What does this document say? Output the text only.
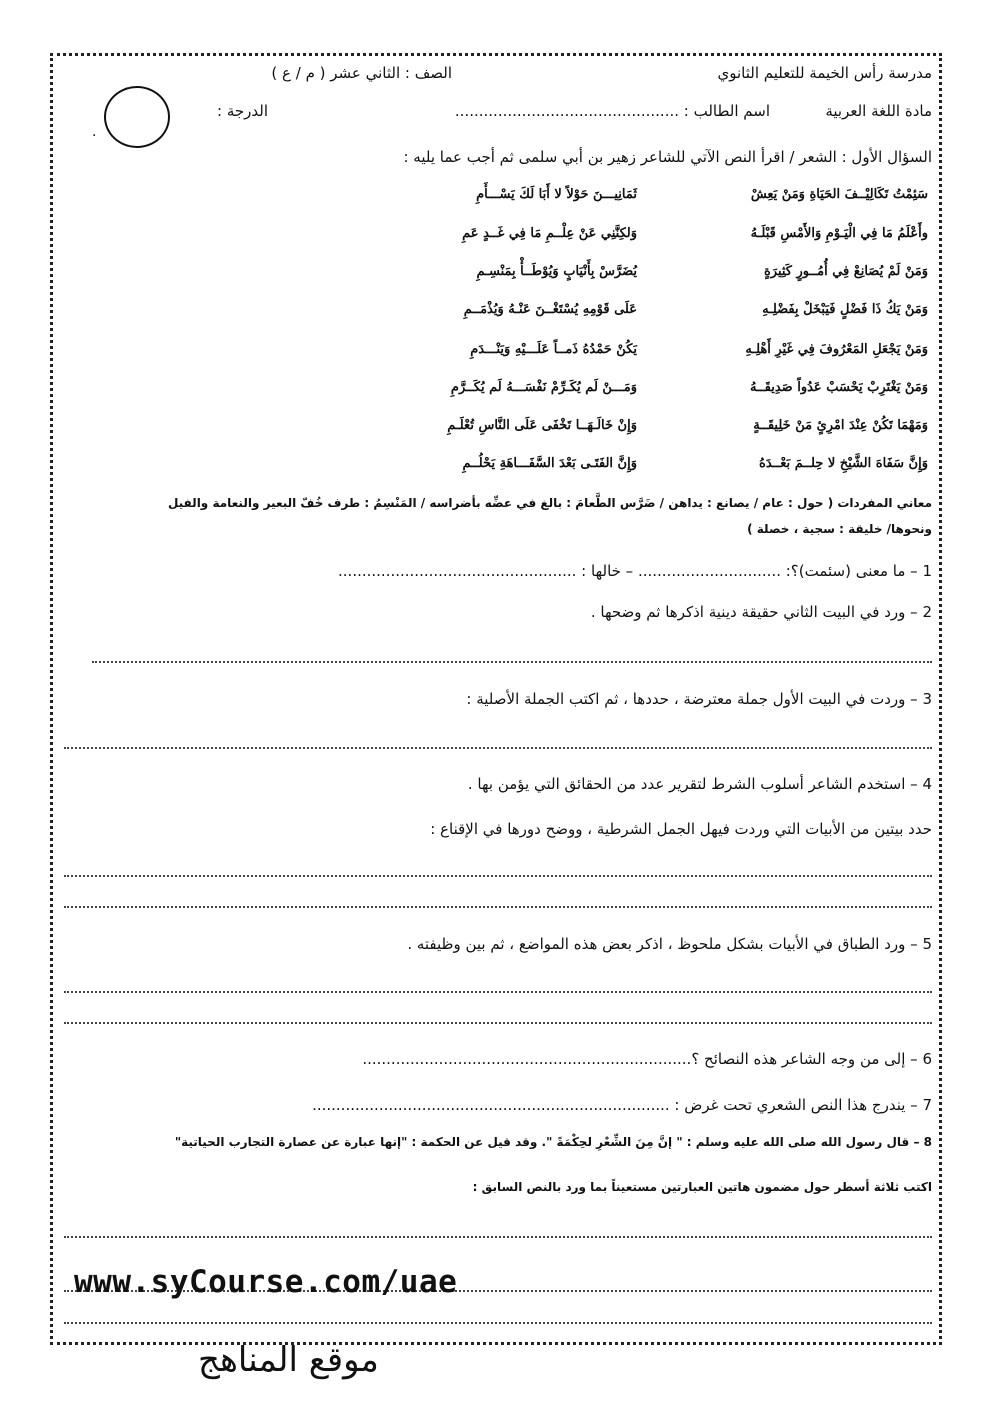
مدرسة رأس الخيمة للتعليم الثانوي
الصف : الثاني عشر ( م / ع )
مادة اللغة العربية
اسم الطالب : ...............................................
الدرجة :
.
السؤال الأول : الشعر / اقرأ النص الآتي للشاعر زهير بن أبي سلمى ثم أجب عما يليه :
سَئِمْتُ تَكَالِيْــفَ الحَيَاةِ وَمَنْ يَعِشْ
ثَمَانِيـــنَ حَوْلاً لا أَبَا لَكَ يَسْـــأَمِ
وأَعْلَمُ مَا فِي الْيَـوْمِ وَالأَمْسِ قَبْلَـهُ
وَلكِنَّنِي عَنْ عِلْــمِ مَا فِي غَــدٍ عَمِ
وَمَنْ لَمْ يُصَانِعْ فِي أُمُــورٍ كَثِيرَةٍ
يُضَرَّسْ بِأَنْيَابٍ وَيُوْطَــأْ بِمَنْسِـمِ
وَمَنْ يَكُ ذَا فَضْلٍ فَيَبْخَلْ بِفَضْلِـهِ
عَلَى قَوْمِهِ يُسْتَغْــنَ عَنْـهُ وَيُذْمَــمِ
وَمَنْ يَجْعَلِ المَعْرُوفَ فِي غَيْرِ أَهْلِـهِ
يَكُنْ حَمْدُهُ ذَمــاً عَلَـــيْهِ وَيَنْـــدَمِ
وَمَنْ يَغْتَرِبْ يَحْسَبْ عَدُواً صَدِيقَــهُ
وَمَـــنْ لَم يُكَـرِّمْ نَفْسَـــهُ لَم يُكَــرَّمِ
وَمَهْمَا تَكُنْ عِنْدَ امْرِئٍ مَنْ خَلِيقَــةٍ
وَإِنْ خَالَـهَــا تَخْفَى عَلَى النَّاسِ تُعْلَـمِ
وَإِنَّ سَفَاهَ الشَّيْخِ لا حِلــمَ بَعْــدَهُ
وَإِنَّ الفَتَـى بَعْدَ السَّفَـــاهَةِ يَحْلُــمِ
معاني المفردات ( حول : عام / يصانع : يداهن / ضَرَّس الطَّعامَ : بالغ في عضِّه بأضراسه / المَنْسِمُ : طرف خُفّ البعير والنعامة والفيل
ونحوها/ خليقة : سجية ، خصلة )
1 – ما معنى (سئمت)؟: .............................. – خالها : ..................................................
2 – ورد في البيت الثاني حقيقة دينية اذكرها ثم وضحها .
3 – وردت في البيت الأول جملة معترضة ، حددها ، ثم اكتب الجملة الأصلية :
4 – استخدم الشاعر أسلوب الشرط لتقرير عدد من الحقائق التي يؤمن بها .
حدد بيتين من الأبيات التي وردت فيهل الجمل الشرطية ، ووضح دورها في الإقناع :
5 – ورد الطباق في الأبيات بشكل ملحوظ ، اذكر بعض هذه المواضع ، ثم بين وظيفته .
6 – إلى من وجه الشاعر هذه النصائح ؟.....................................................................
7 – يندرج هذا النص الشعري تحت غرض : ...........................................................................
8 – قال رسول الله صلى الله عليه وسلم : " إنَّ مِنَ الشِّعْرِ لحِكْمَةً ". وقد قيل عن الحكمة : "إنها عبارة عن عصارة التجارب الحياتية"
اكتب ثلاثة أسطر حول مضمون هاتين العبارتين مستعيناً بما ورد بالنص السابق :
www.syCourse.com/uae
موقع المناهج
